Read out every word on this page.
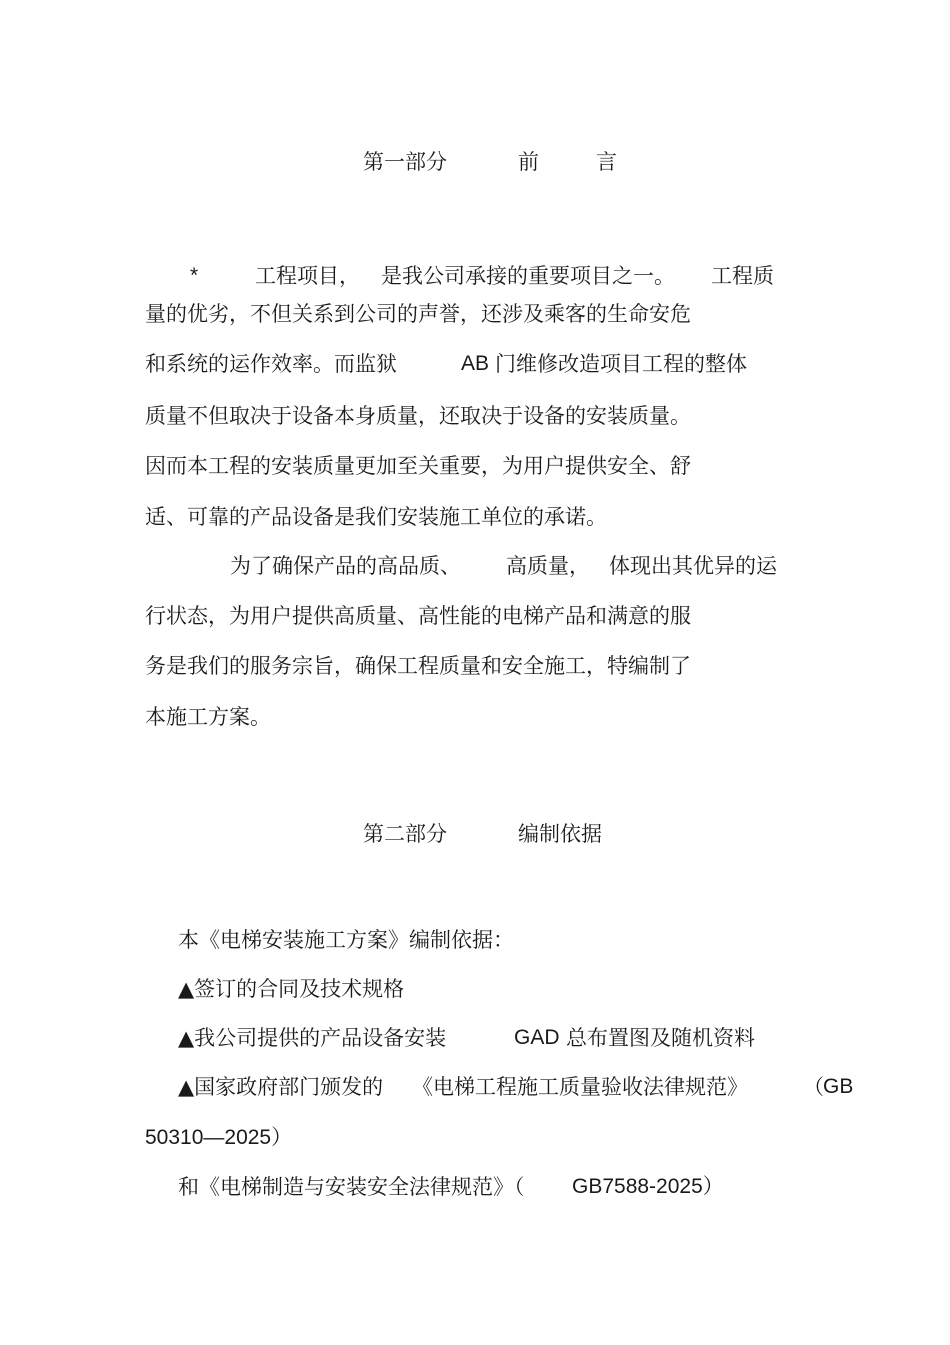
第一部分	前	言
*	工程项目， 是我公司承接的重要项目之一。 工程质
量的优劣，不但关系到公司的声誉，还涉及乘客的生命安危
和系统的运作效率。而监狱	AB 门维修改造项目工程的整体
质量不但取决于设备本身质量，还取决于设备的安装质量。
因而本工程的安装质量更加至关重要，为用户提供安全、舒
适、可靠的产品设备是我们安装施工单位的承诺。
为了确保产品的高品质、 高质量， 体现出其优异的运
行状态，为用户提供高质量、高性能的电梯产品和满意的服
务是我们的服务宗旨，确保工程质量和安全施工，特编制了
本施工方案。
第二部分	编制依据
本《电梯安装施工方案》编制依据：
▲签订的合同及技术规格
▲我公司提供的产品设备安装	GAD 总布置图及随机资料
▲国家政府部门颁发的 《电梯工程施工质量验收法律规范》	（ GB
50310—2025）
和《电梯制造与安装安全法律规范》（ GB7588-2025）
